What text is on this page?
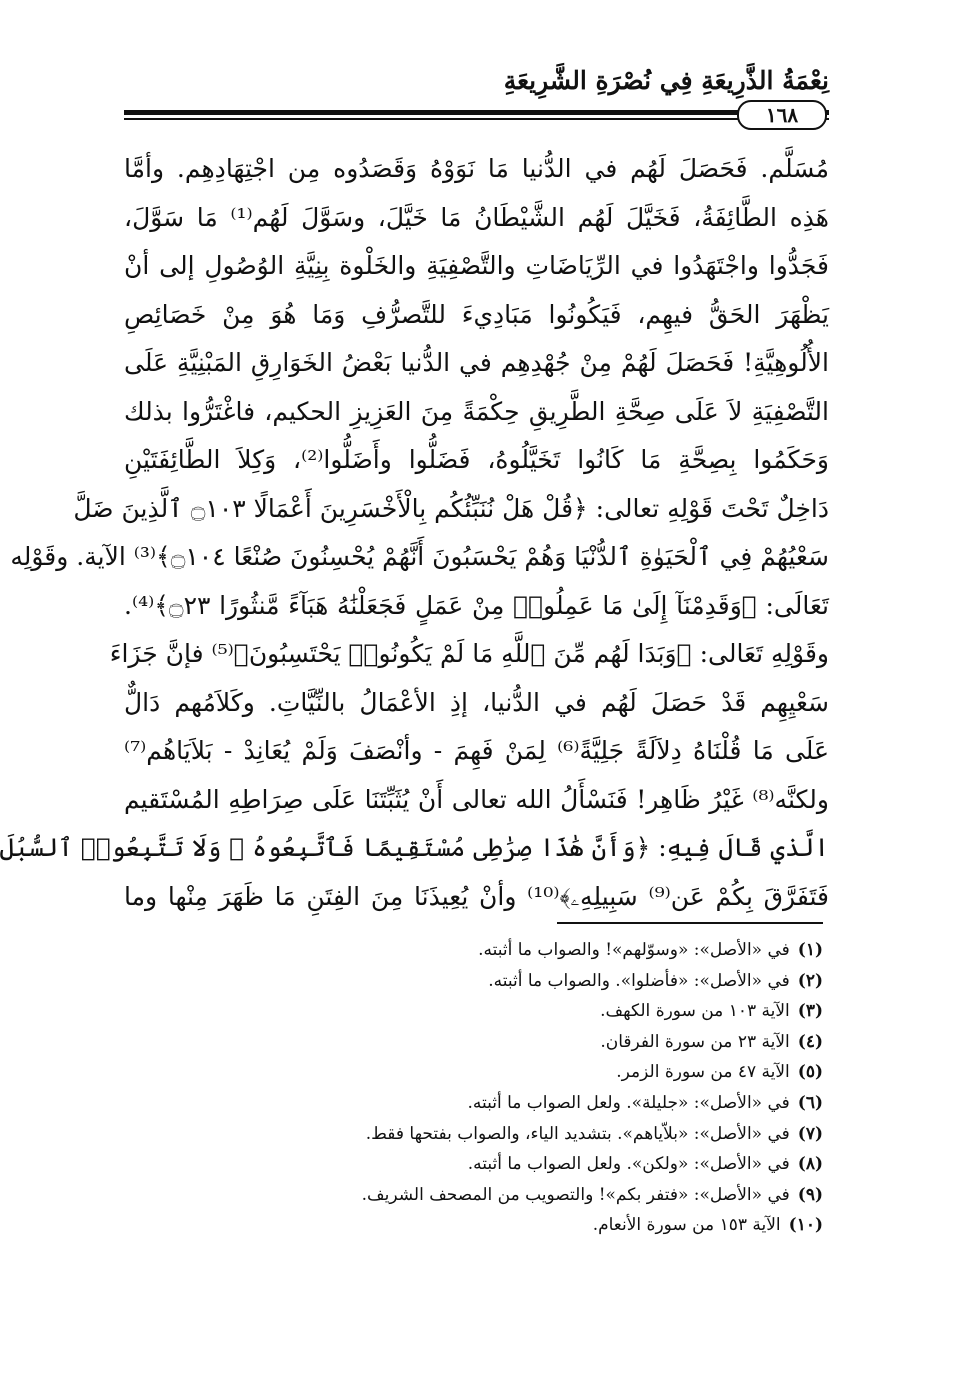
نِعْمَةُ الذَّرِيعَةِ فِي نُصْرَةِ الشَّرِيعَةِ
١٦٨
مُسَلَّم. فَحَصَلَ لَهُم في الدُّنيا مَا نَوَوْهُ وَقَصَدُوه مِن اجْتِهَادِهِم. وأمَّا
هَذِه الطَّائِفَةُ، فَخَيَّلَ لَهُم الشَّيْطَانُ مَا خَيَّلَ، وسَوَّلَ لَهُم⁽¹⁾ مَا سَوَّلَ،
فَجَدُّوا واجْتَهَدُوا في الرِّيَاضَاتِ والتَّصْفِيَةِ والخَلْوة بِنِيَّةِ الوُصُولِ إلى أنْ
يَظْهَرَ الحَقُّ فيهِم، فَيَكُونُوا مَبَادِيءَ للتَّصرُّفِ وَمَا هُوَ مِنْ خَصَائِصِ
الأُلُوهِيَّةِ! فَحَصَلَ لَهُمْ مِنْ جُهْدِهِم في الدُّنيا بَعْضُ الخَوَارِقِ المَبْنِيَّةِ عَلَى
التَّصْفِيَةِ لاَ عَلَى صِحَّةِ الطَّرِيقِ حِكْمَةً مِنَ العَزِيزِ الحكيم، فاغْتَرُّوا بذلك
وَحَكَمُوا بِصِحَّةِ مَا كَانُوا تَخَيَّلُوهُ، فَضَلُّوا وأَضَلُّوا⁽²⁾، وَكِلاَ الطَّائِفَتَيْنِ
دَاخِلٌ تَحْتَ قَوْلِهِ تعالى: ﴿قُلْ هَلْ نُنَبِّئُكُم بِالْأَخْسَرِينَ أَعْمَالًا ۝١٠٣ ٱلَّذِينَ ضَلَّ
سَعْيُهُمْ فِي ٱلْحَيَوٰةِ ٱلدُّنْيَا وَهُمْ يَحْسَبُونَ أَنَّهُمْ يُحْسِنُونَ صُنْعًا ۝١٠٤﴾⁽³⁾ الآية. وقَوْلِه
تَعَالَى: ﴿وَقَدِمْنَآ إِلَىٰ مَا عَمِلُوا۟ مِنْ عَمَلٍ فَجَعَلْنَٰهُ هَبَآءً مَّنثُورًا ۝٢٣﴾⁽⁴⁾.
وقَوْلِهِ تَعَالى: ﴿وَبَدَا لَهُم مِّنَ ٱللَّهِ مَا لَمْ يَكُونُوا۟ يَحْتَسِبُونَ﴾⁽⁵⁾ فإنَّ جَزَاءَ
سَعْيِهِم قَدْ حَصَلَ لَهُم في الدُّنيا، إذِ الأعْمَالُ بالنِّيَّاتِ. وكَلاَمُهم دَالٌّ
عَلَى مَا قُلْنَاهُ دِلاَلَةً جَلِيَّةً⁽⁶⁾ لِمَنْ فَهِمَ - وأنْصَفَ وَلَمْ يُعَانِدْ - بَلاَيَاهُم⁽⁷⁾
ولكنَّه⁽⁸⁾ غَيْرُ ظَاهِر! فَنَسْأَلُ الله تعالى أَنْ يُثَبِّتَنَا عَلَى صِرَاطِهِ المُسْتَقيم
الَّذي قَالَ فِيهِ: ﴿وَأَنَّ هَٰذَا صِرَٰطِى مُسْتَقِيمًا فَٱتَّبِعُوهُ ۖ وَلَا تَتَّبِعُوا۟ ٱلسُّبُلَ
فَتَفَرَّقَ بِكُمْ عَن⁽⁹⁾ سَبِيلِهِۦ﴾⁽¹⁰⁾ وأنْ يُعِيذَنَا مِنَ الفِتَنِ مَا ظَهَرَ مِنْها وما
(١)في «الأصل»: «وسوّلهم»! والصواب ما أثبته.
(٢)في «الأصل»: «فأضلوا». والصواب ما أثبته.
(٣)الآية ١٠٣ من سورة الكهف.
(٤)الآية ٢٣ من سورة الفرقان.
(٥)الآية ٤٧ من سورة الزمر.
(٦)في «الأصل»: «جليلة». ولعل الصواب ما أثبته.
(٧)في «الأصل»: «بلاّياهم». بتشديد الياء، والصواب بفتحها فقط.
(٨)في «الأصل»: «ولكن». ولعل الصواب ما أثبته.
(٩)في «الأصل»: «فتفر بكم»! والتصويب من المصحف الشريف.
(١٠)الآية ١٥٣ من سورة الأنعام.
